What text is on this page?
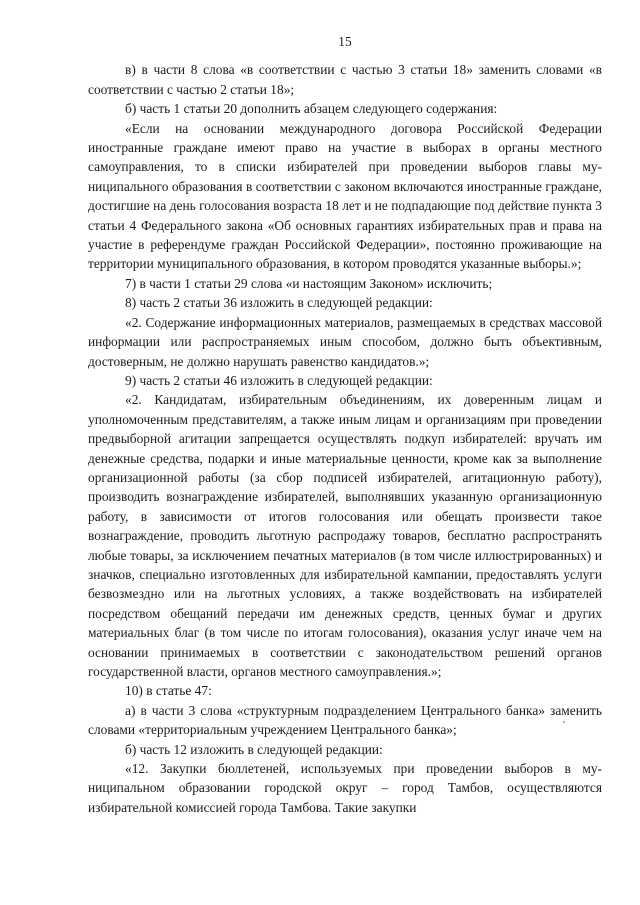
15

в) в части 8 слова «в соответствии с частью 3 статьи 18» заменить словами «в соответствии с частью 2 статьи 18»;

б) часть 1 статьи 20 дополнить абзацем следующего содержания:

«Если на основании международного договора Российской Федерации иностранные граждане имеют право на участие в выборах в органы местного самоуправления, то в списки избирателей при проведении выборов главы муниципального образования в соответствии с законом включаются иностранные граждане, достигшие на день голосования возраста 18 лет и не подпадающие под действие пункта 3 статьи 4 Федерального закона «Об основных гарантиях избирательных прав и права на участие в референдуме граждан Российской Федерации», постоянно проживающие на территории муниципального образования, в котором проводятся указанные выборы.»;

7) в части 1 статьи 29 слова «и настоящим Законом» исключить;

8) часть 2 статьи 36 изложить в следующей редакции:

«2. Содержание информационных материалов, размещаемых в средствах массовой информации или распространяемых иным способом, должно быть объективным, достоверным, не должно нарушать равенство кандидатов.»;

9) часть 2 статьи 46 изложить в следующей редакции:

«2. Кандидатам, избирательным объединениям, их доверенным лицам и уполномоченным представителям, а также иным лицам и организациям при проведении предвыборной агитации запрещается осуществлять подкуп избирателей: вручать им денежные средства, подарки и иные материальные ценности, кроме как за выполнение организационной работы (за сбор подписей избирателей, агитационную работу), производить вознаграждение избирателей, выполнявших указанную организационную работу, в зависимости от итогов голосования или обещать произвести такое вознаграждение, проводить льготную распродажу товаров, бесплатно распространять любые товары, за исключением печатных материалов (в том числе иллюстрированных) и значков, специально изготовленных для избирательной кампании, предоставлять услуги безвозмездно или на льготных условиях, а также воздействовать на избирателей посредством обещаний передачи им денежных средств, ценных бумаг и других материальных благ (в том числе по итогам голосования), оказания услуг иначе чем на основании принимаемых в соответствии с законодательством решений органов государственной власти, органов местного самоуправления.»;

10) в статье 47:

а) в части 3 слова «структурным подразделением Центрального банка» заменить словами «территориальным учреждением Центрального банка»;

б) часть 12 изложить в следующей редакции:

«12. Закупки бюллетеней, используемых при проведении выборов в муниципальном образовании городской округ – город Тамбов, осуществляются избирательной комиссией города Тамбова. Такие закупки

'
